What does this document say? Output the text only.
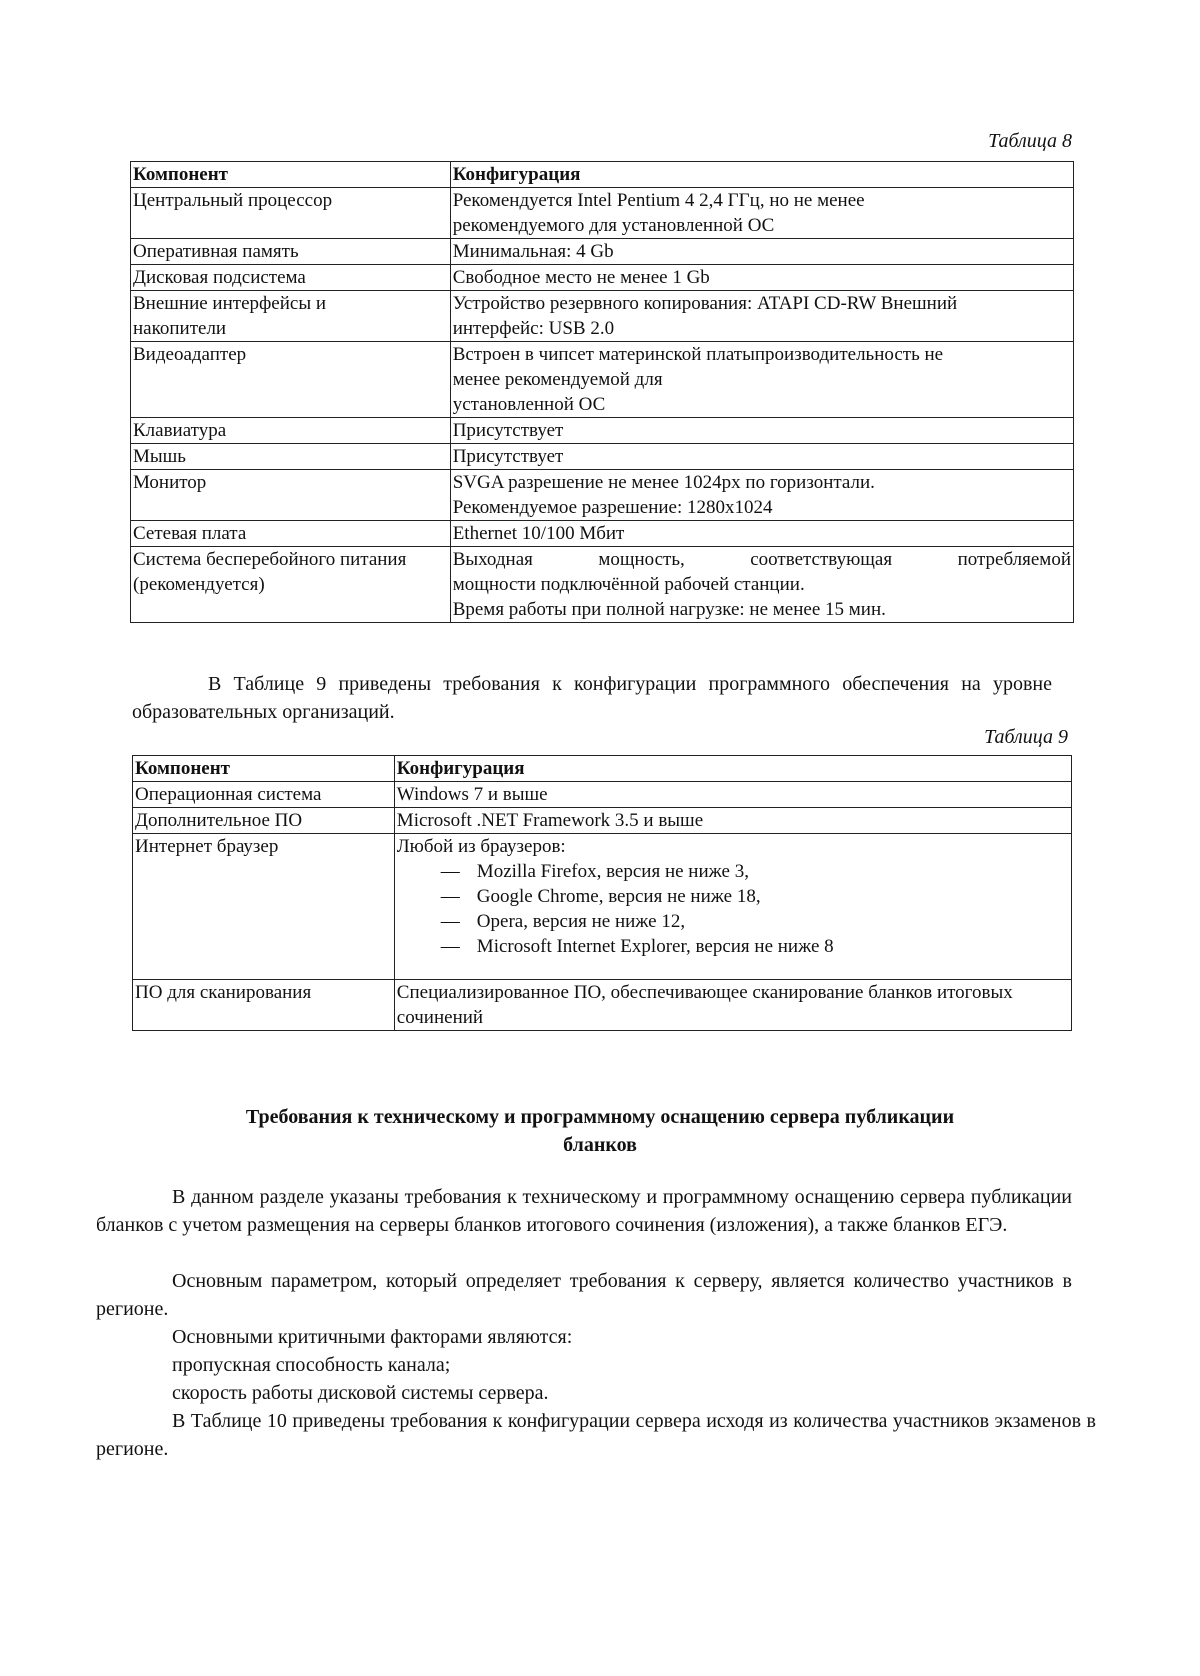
Таблица 8
Компонент	Конфигурация

Центральный процессор	Рекомендуется Intel Pentium 4 2,4 ГГц, но не менее
рекомендуемого для установленной ОС

Оперативная память	Минимальная: 4 Gb

Дисковая подсистема	Свободное место не менее 1 Gb

Внешние интерфейсы и
накопители	Устройство резервного копирования: ATAPI CD-RW Внешний
интерфейс: USB 2.0

Видеоадаптер	Встроен в чипсет материнской платыпроизводительность не
менее рекомендуемой для
установленной ОС

Клавиатура	Присутствует

Мышь	Присутствует

Монитор	SVGA разрешение не менее 1024px по горизонтали.
Рекомендуемое разрешение: 1280x1024

Сетевая плата	Ethernet 10/100 Мбит

Система бесперебойного питания
(рекомендуется)	Выходная мощность, соответствующая потребляемой
мощности подключённой рабочей станции.
Время работы при полной нагрузке: не менее 15 мин.
В Таблице 9 приведены требования к конфигурации программного обеспечения на уровне образовательных организаций.
Таблица 9
Компонент	Конфигурация
Операционная система	Windows 7 и выше
Дополнительное ПО	Microsoft .NET Framework 3.5 и выше
Интернет браузер	Любой из браузеров:
— Mozilla Firefox, версия не ниже 3,
— Google Chrome, версия не ниже 18,
— Opera, версия не ниже 12,
— Microsoft Internet Explorer, версия не ниже 8

ПО для сканирования	Специализированное ПО, обеспечивающее сканирование бланков итоговых сочинений
Требования к техническому и программному оснащению сервера публикации
бланков
В данном разделе указаны требования к техническому и программному оснащению сервера публикации бланков с учетом размещения на серверы бланков итогового сочинения (изложения), а также бланков ЕГЭ.
Основным параметром, который определяет требования к серверу, является количество участников в регионе.
Основными критичными факторами являются:
пропускная способность канала;
скорость работы дисковой системы сервера.
В Таблице 10 приведены требования к конфигурации сервера исходя из количества участников экзаменов в регионе.
